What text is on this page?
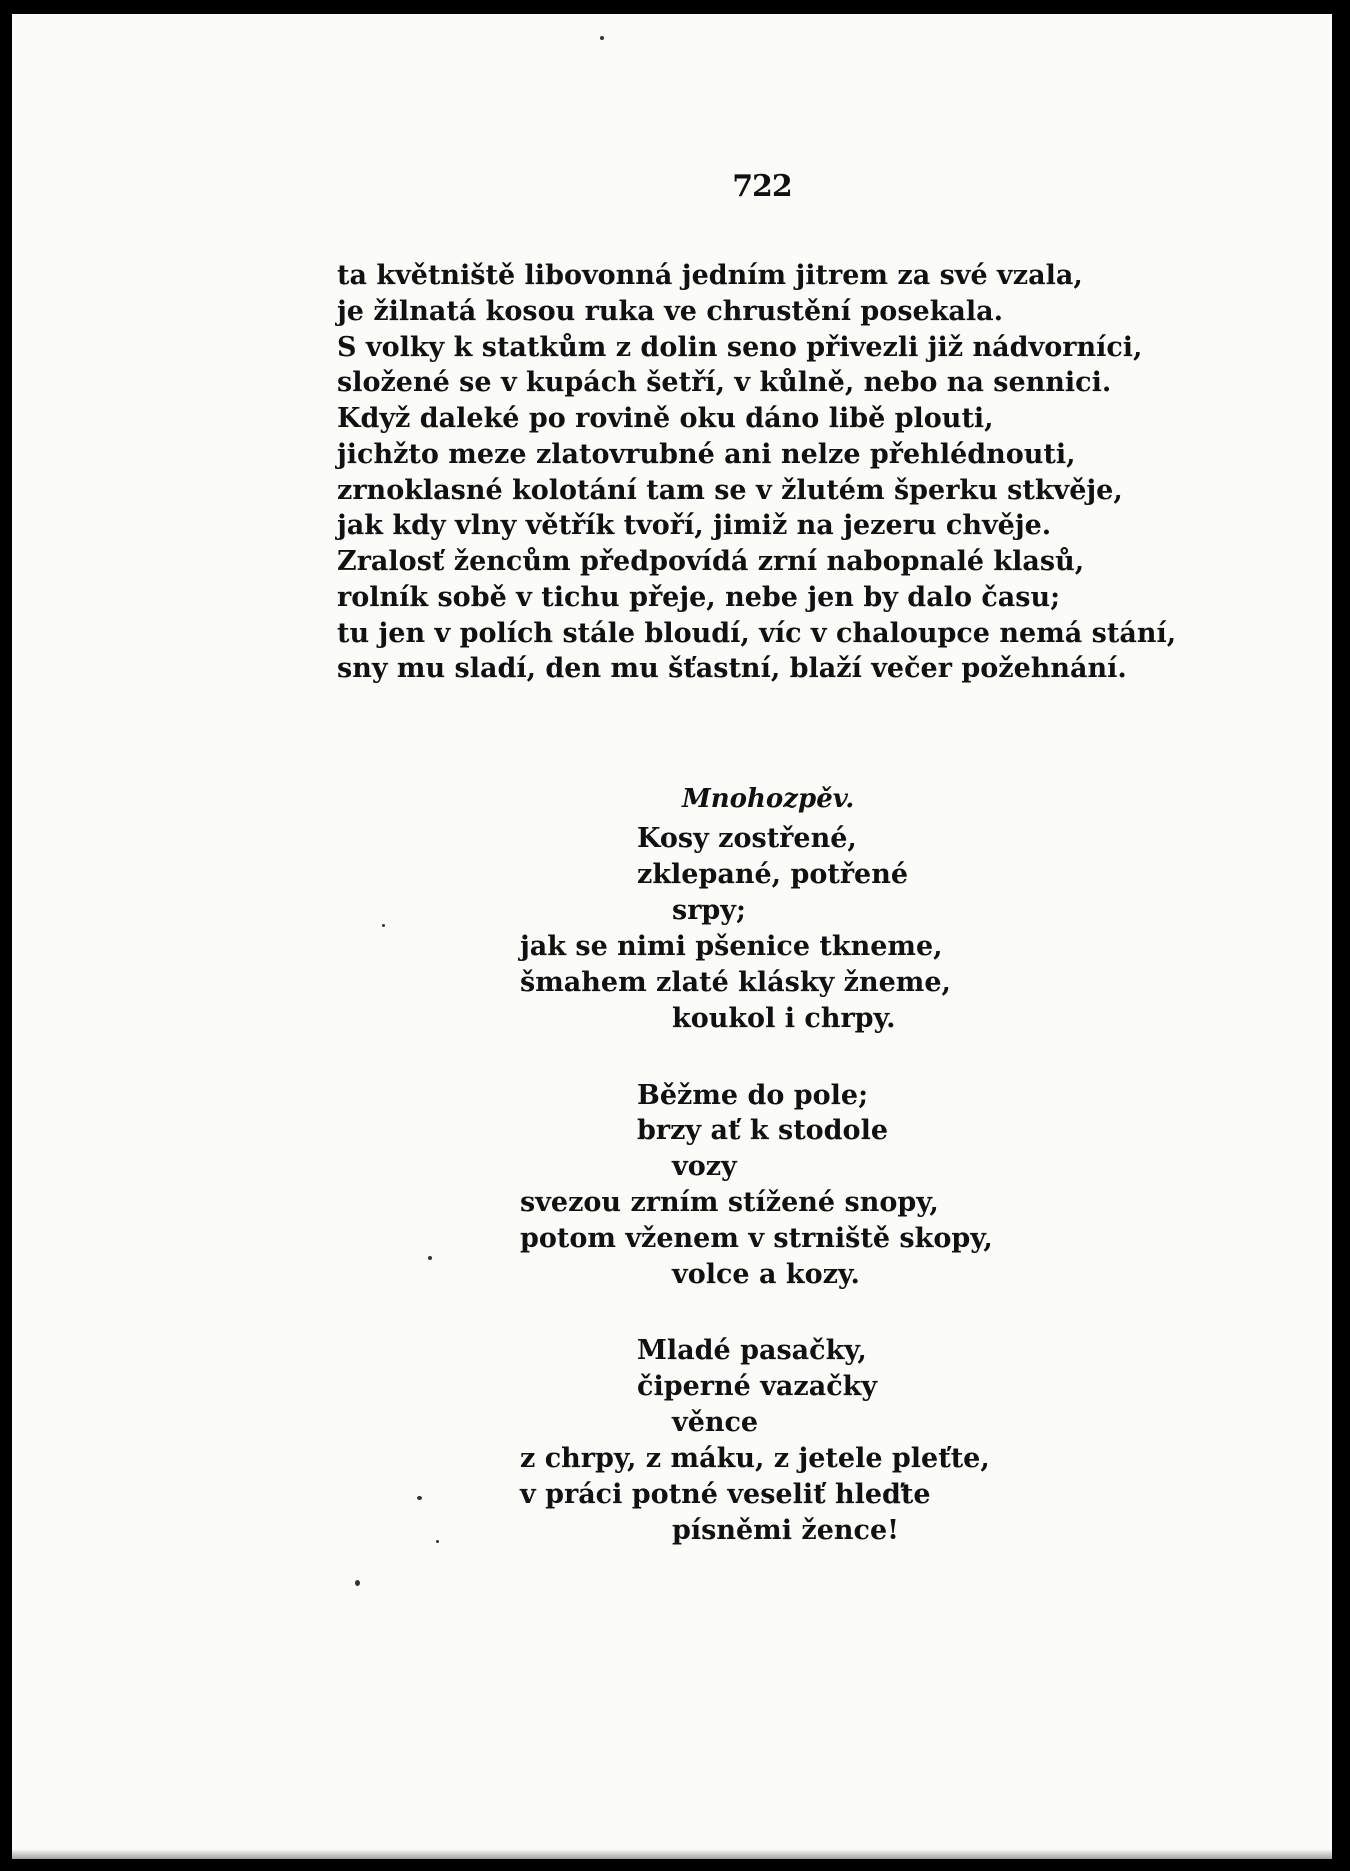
722
ta květniště libovonná jedním jitrem za své vzala,
je žilnatá kosou ruka ve chrustění posekala.
S volky k statkům z dolin seno přivezli již nádvorníci,
složené se v kupách šetří, v kůlně, nebo na sennici.
Když daleké po rovině oku dáno libě plouti,
jichžto meze zlatovrubné ani nelze přehlédnouti,
zrnoklasné kolotání tam se v žlutém šperku stkvěje,
jak kdy vlny větřík tvoří, jimiž na jezeru chvěje.
Zralosť žencům předpovídá zrní nabopnalé klasů,
rolník sobě v tichu přeje, nebe jen by dalo času;
tu jen v polích stále bloudí, víc v chaloupce nemá stání,
sny mu sladí, den mu šťastní, blaží večer požehnání.
Mnohozpěv.
Kosy zostřené,
zklepané, potřené
srpy;
jak se nimi pšenice tkneme,
šmahem zlaté klásky žneme,
koukol i chrpy.
Běžme do pole;
brzy ať k stodole
vozy
svezou zrním stížené snopy,
potom vženem v strniště skopy,
volce a kozy.
Mladé pasačky,
čiperné vazačky
věnce
z chrpy, z máku, z jetele pleťte,
v práci potné veseliť hleďte
písněmi žence!
